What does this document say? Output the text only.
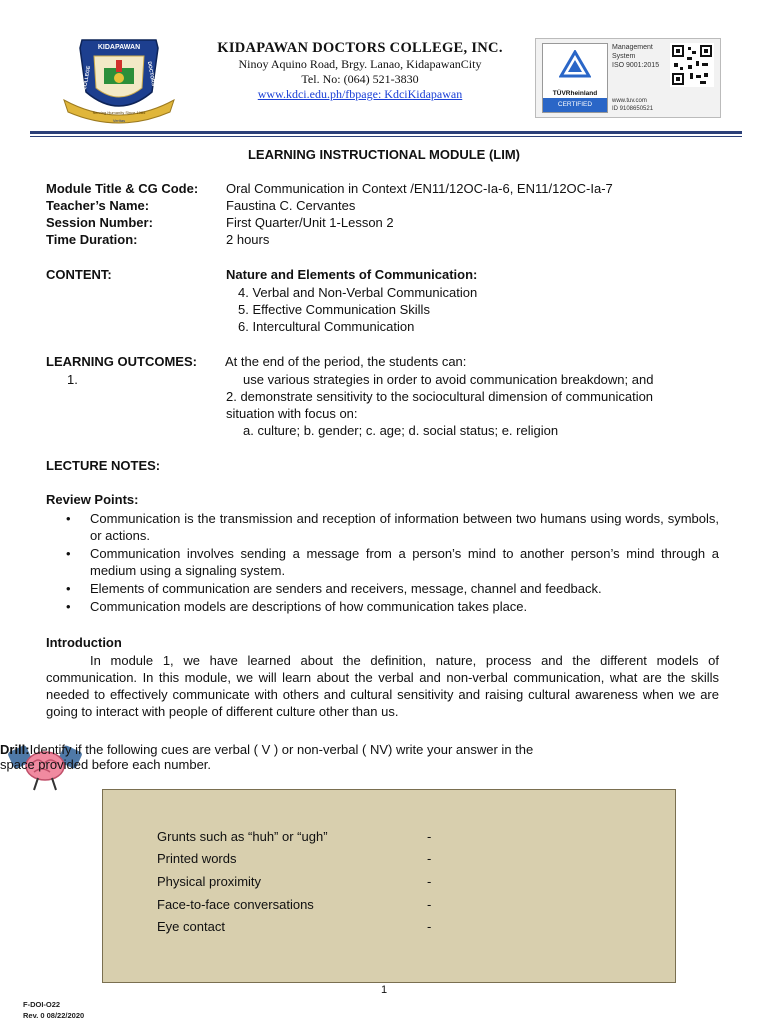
KIDAPAWAN
COLLEGE	DOCTORS
Serving Humanity Since 1985
Veritas
KIDAPAWAN DOCTORS COLLEGE, INC.
Ninoy Aquino Road, Brgy. Lanao, KidapawanCity
Tel. No: (064) 521-3830
www.kdci.edu.ph/fbpage: KdciKidapawan	TÜVRheinland
CERTIFIED
Management
System
ISO 9001:2015
www.tuv.com
ID 9108650521
LEARNING INSTRUCTIONAL MODULE (LIM)
Module Title & CG Code: Oral Communication in Context /EN11/12OC-Ia-6, EN11/12OC-Ia-7
Teacher’s Name:	Faustina C. Cervantes
Session Number:	First Quarter/Unit 1-Lesson 2
Time Duration:	2 hours
CONTENT:	Nature and Elements of Communication:
4. Verbal and Non-Verbal Communication
5. Effective Communication Skills
6. Intercultural Communication
LEARNING OUTCOMES: At the end of the period, the students can:
1.	use various strategies in order to avoid communication breakdown; and
2. demonstrate sensitivity to the sociocultural dimension of communication
situation with focus on:
a. culture; b. gender; c. age; d. social status; e. religion
LECTURE NOTES:
Review Points:
• Communication is the transmission and reception of information between two humans using words, symbols, or actions.
• Communication involves sending a message from a person’s mind to another person’s mind through a medium using a signaling system.
• Elements of communication are senders and receivers, message, channel and feedback.
• Communication models are descriptions of how communication takes place.
Introduction
In module 1, we have learned about the definition, nature, process and the different models of communication. In this module, we will learn about the verbal and non-verbal communication, what are the skills needed to effectively communicate with others and cultural sensitivity and raising cultural awareness when we are going to interact with people of different culture other than us.
Drill:Identify if the following cues are verbal ( V ) or non-verbal ( NV) write your answer in the
space provided before each number.
Grunts such as “huh” or “ugh”	-
Printed words	-
Physical proximity	-
Face-to-face conversations	-
Eye contact	-
1
F-DOI-O22
Rev. 0 08/22/2020
